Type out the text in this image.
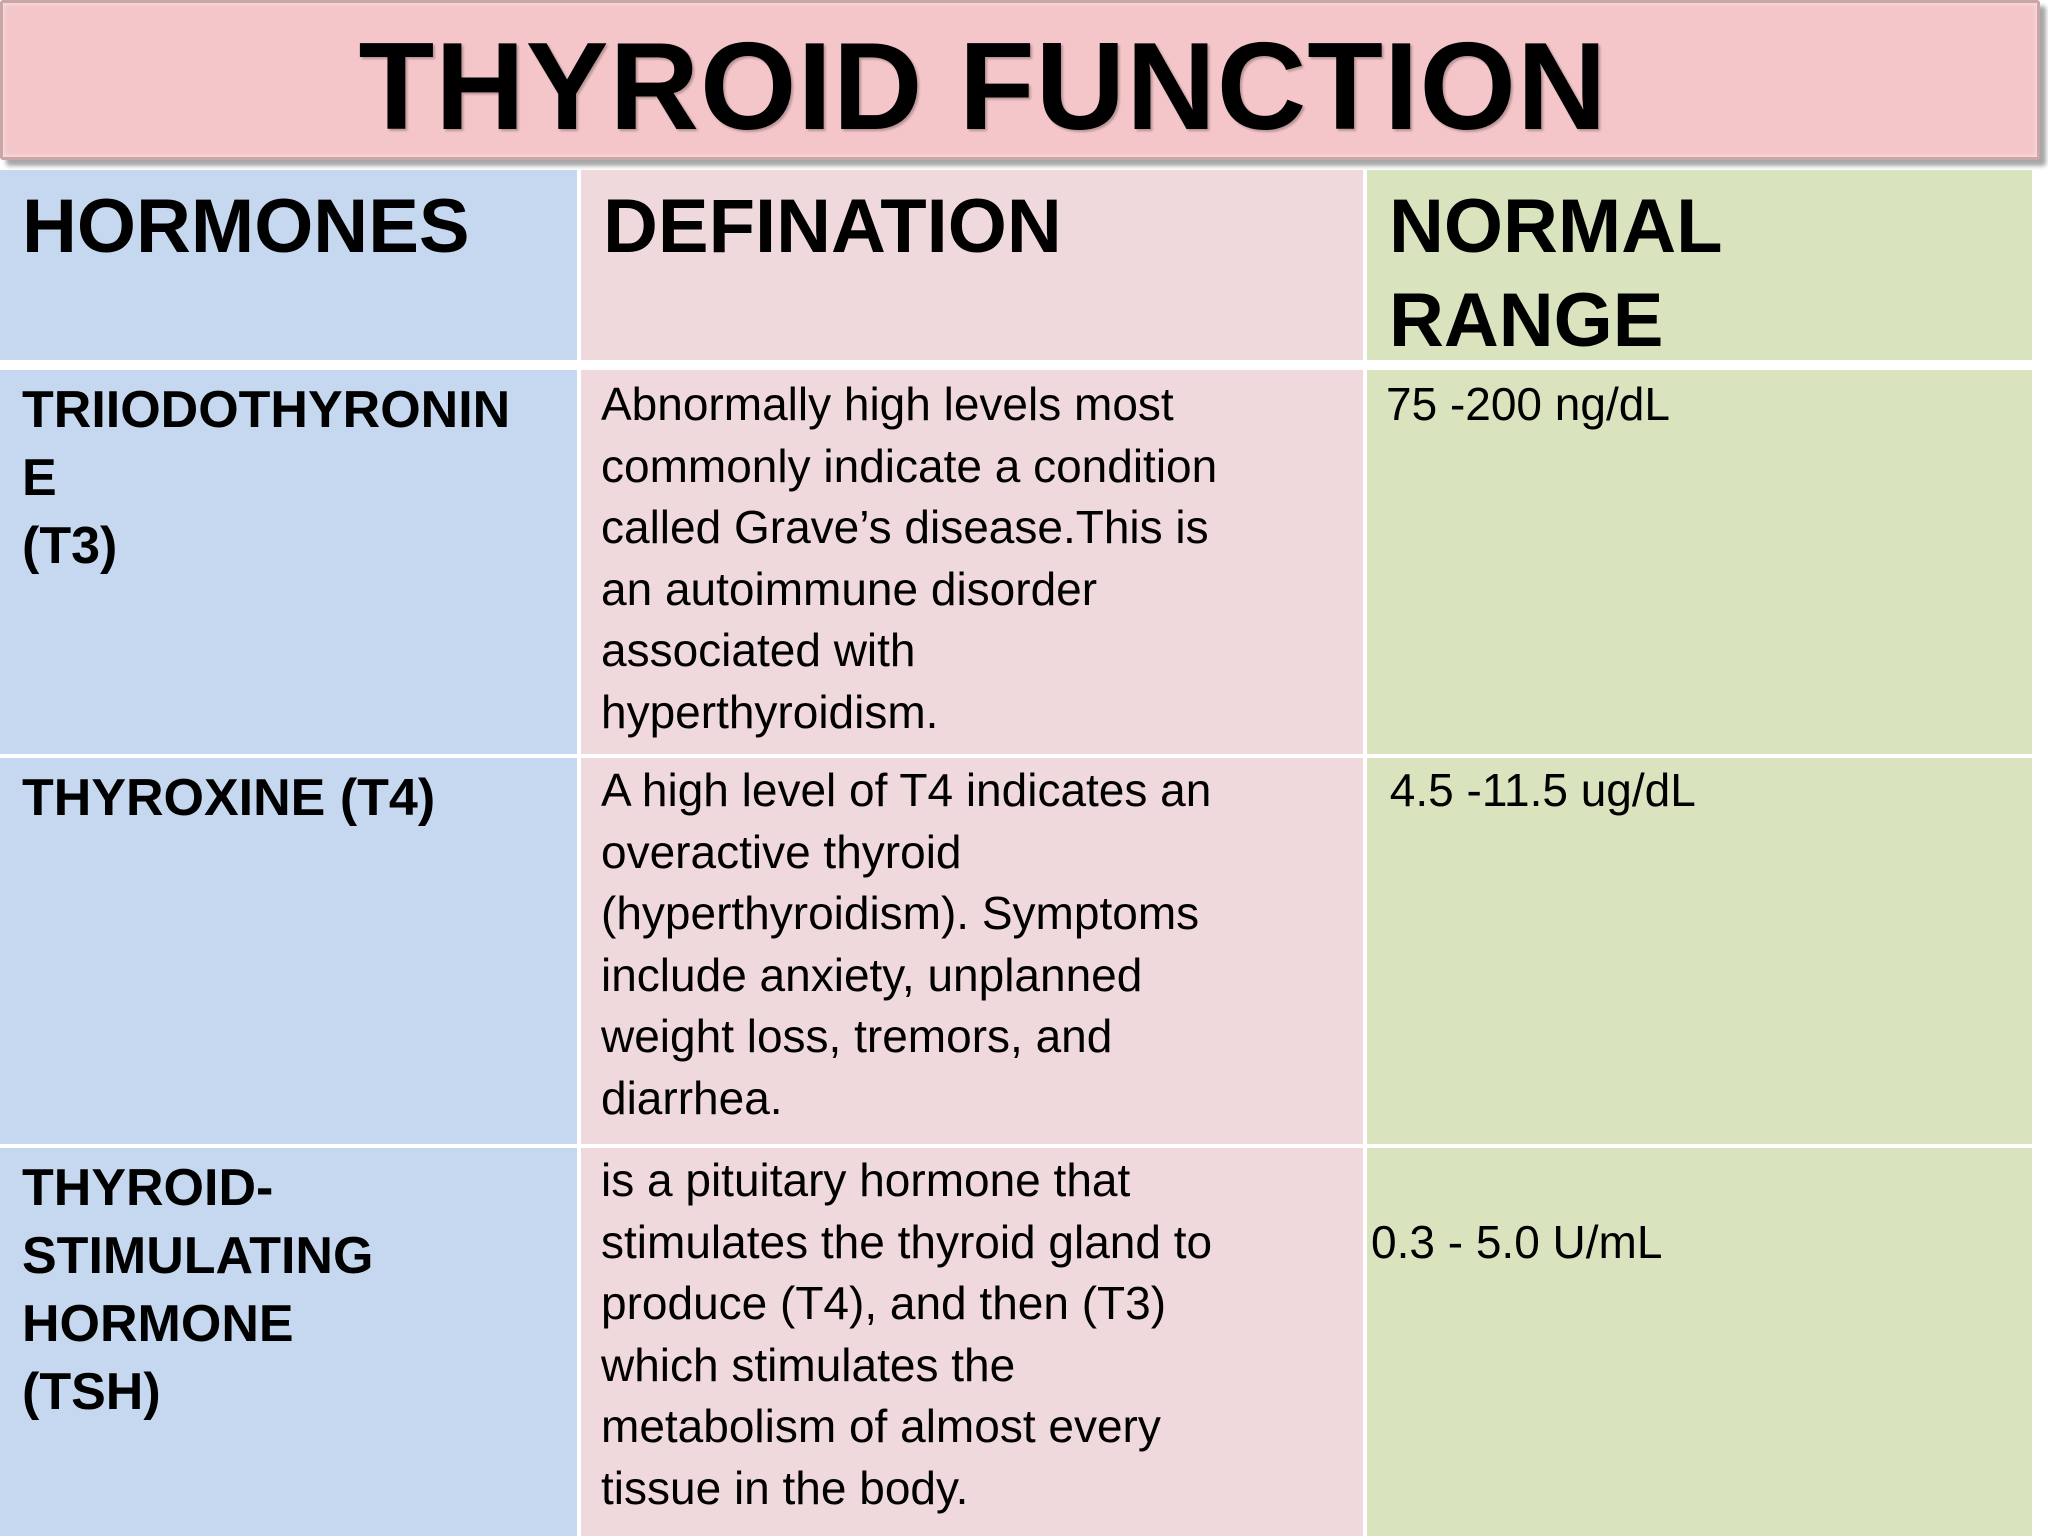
THYROID FUNCTION
HORMONES DEFINATION	NORMAL
RANGE
TRIIODOTHYRONIN
E
(T3)
Abnormally high levels most
commonly indicate a condition
called Grave’s disease.This is
an autoimmune disorder
associated with
hyperthyroidism.
75 -200 ng/dL
THYROXINE (T4)	A high level of T4 indicates an
overactive thyroid
(hyperthyroidism). Symptoms
include anxiety, unplanned
weight loss, tremors, and
diarrhea.
4.5 -11.5 ug/dL
THYROID-
STIMULATING
HORMONE
(TSH)
is a pituitary hormone that
stimulates the thyroid gland to
produce (T4), and then (T3)
which stimulates the
metabolism of almost every
tissue in the body.
0.3 - 5.0 U/mL
